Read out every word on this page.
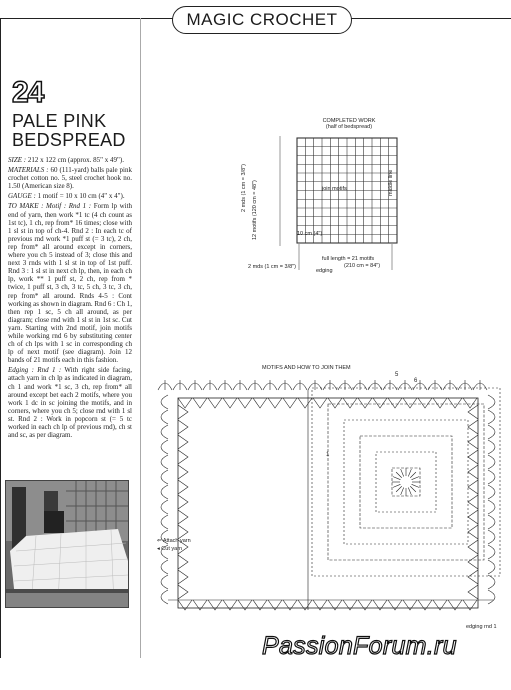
MAGIC CROCHET
24
PALE PINK
BEDSPREAD

SIZE : 212 x 122 cm (approx. 85" x 49").

MATERIALS : 60 (111-yard) balls pale pink crochet cotton no. 5, steel crochet hook no. 1.50 (American size 8).

GAUGE : 1 motif = 10 x 10 cm (4" x 4").

TO MAKE : Motif : Rnd 1 : Form lp with end of yarn, then work *1 tc (4 ch count as 1st tc), 1 ch, rep from* 16 times; close with 1 sl st in top of ch-4. Rnd 2 : In each tc of previous rnd work *1 puff st (= 3 tc), 2 ch, rep from* all around except in corners, where you ch 5 instead of 3; close this and next 3 rnds with 1 sl st in top of 1st puff. Rnd 3 : 1 sl st in next ch lp, then, in each ch lp, work ** 1 puff st, 2 ch, rep from * twice, 1 puff st, 3 ch, 3 tc, 5 ch, 3 tc, 3 ch, rep from* all around. Rnds 4-5 : Cont working as shown in diagram. Rnd 6 : Ch 1, then rep 1 sc, 5 ch all around, as per diagram; close rnd with 1 sl st in 1st sc. Cut yarn. Starting with 2nd motif, join motifs while working rnd 6 by substituting center ch of ch lps with 1 sc in corresponding ch lp of next motif (see diagram). Join 12 bands of 21 motifs each in this fashion.

Edging : Rnd 1 : With right side facing, attach yarn in ch lp as indicated in diagram, ch 1 and work *1 sc, 3 ch, rep from* all around except bet each 2 motifs, where you work 1 dc in sc joining the motifs, and in corners, where you ch 5; close rnd with 1 sl st. Rnd 2 : Work in popcorn st (= 5 tc worked in each ch lp of previous rnd), ch st and sc, as per diagram.

COMPLETED WORK
(half of bedspread)
join motifs
2 mds (1 cm = 3/8") 12 motifs (120 cm = 48")	middle line
10 cm (4")
full length = 21 motifs
(210 cm = 84")
2 mds (1 cm = 3/8")
edging
MOTIFS AND HOW TO JOIN THEM
5
6
1
⇐ Attach yarn
◂ Cut yarn
edging rnd 1
PassionForum.ru
